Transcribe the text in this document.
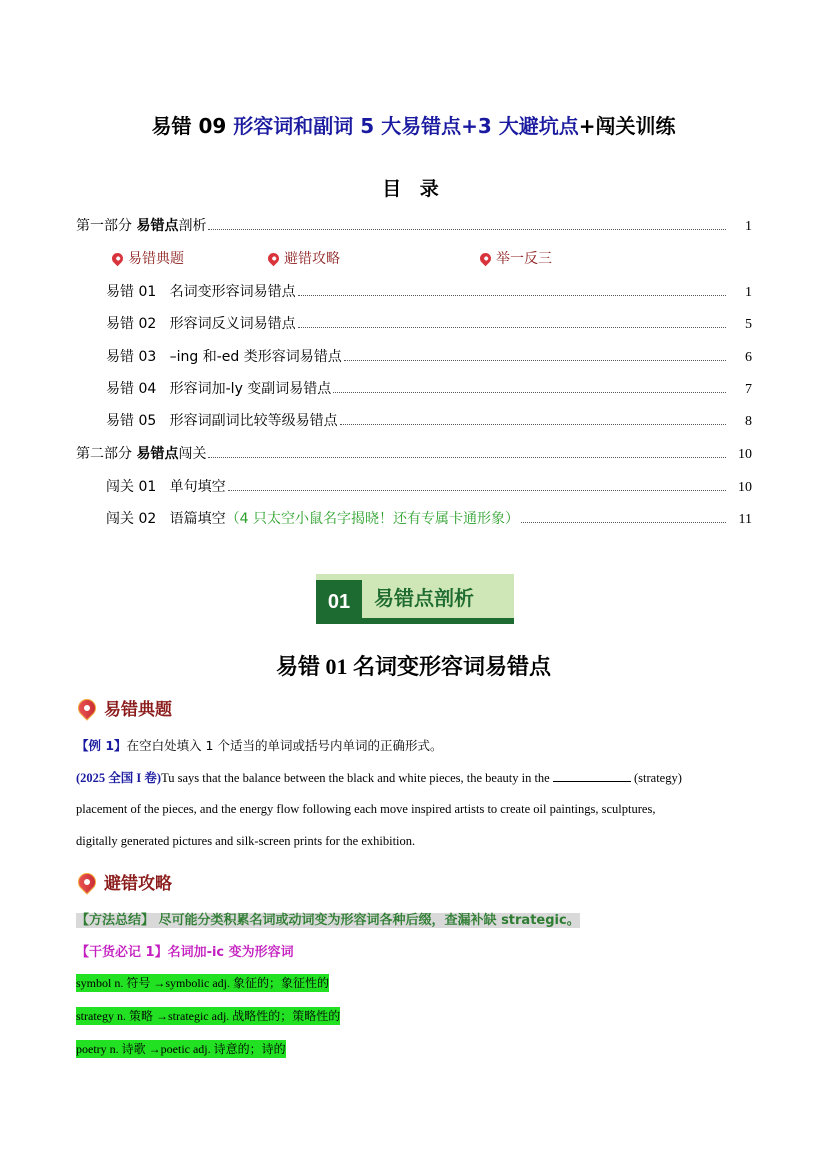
易错 09 形容词和副词 5 大易错点+3 大避坑点+闯关训练
目 录
第一部分 易错点剖析	1
易错典题	避错攻略	举一反三
易错 01 名词变形容词易错点	1
易错 02 形容词反义词易错点	5
易错 03 –ing 和-ed 类形容词易错点	6
易错 04 形容词加-ly 变副词易错点	7
易错 05 形容词副词比较等级易错点	8
第二部分 易错点闯关	10
闯关 01 单句填空	10
闯关 02 语篇填空（4 只太空小鼠名字揭晓！还有专属卡通形象）	11
01	易错点剖析
易错 01 名词变形容词易错点
易错典题
【例 1】在空白处填入 1 个适当的单词或括号内单词的正确形式。
(2025 全国 I 卷)Tu says that the balance between the black and white pieces, the beauty in the	(strategy)
placement of the pieces, and the energy flow following each move inspired artists to create oil paintings, sculptures,
digitally generated pictures and silk-screen prints for the exhibition.
避错攻略
【方法总结】 尽可能分类积累名词或动词变为形容词各种后缀，查漏补缺 strategic。
【干货必记 1】名词加-ic 变为形容词
symbol n. 符号 →symbolic adj. 象征的；象征性的
strategy n. 策略 →strategic adj. 战略性的；策略性的
poetry n. 诗歌 →poetic adj. 诗意的；诗的
